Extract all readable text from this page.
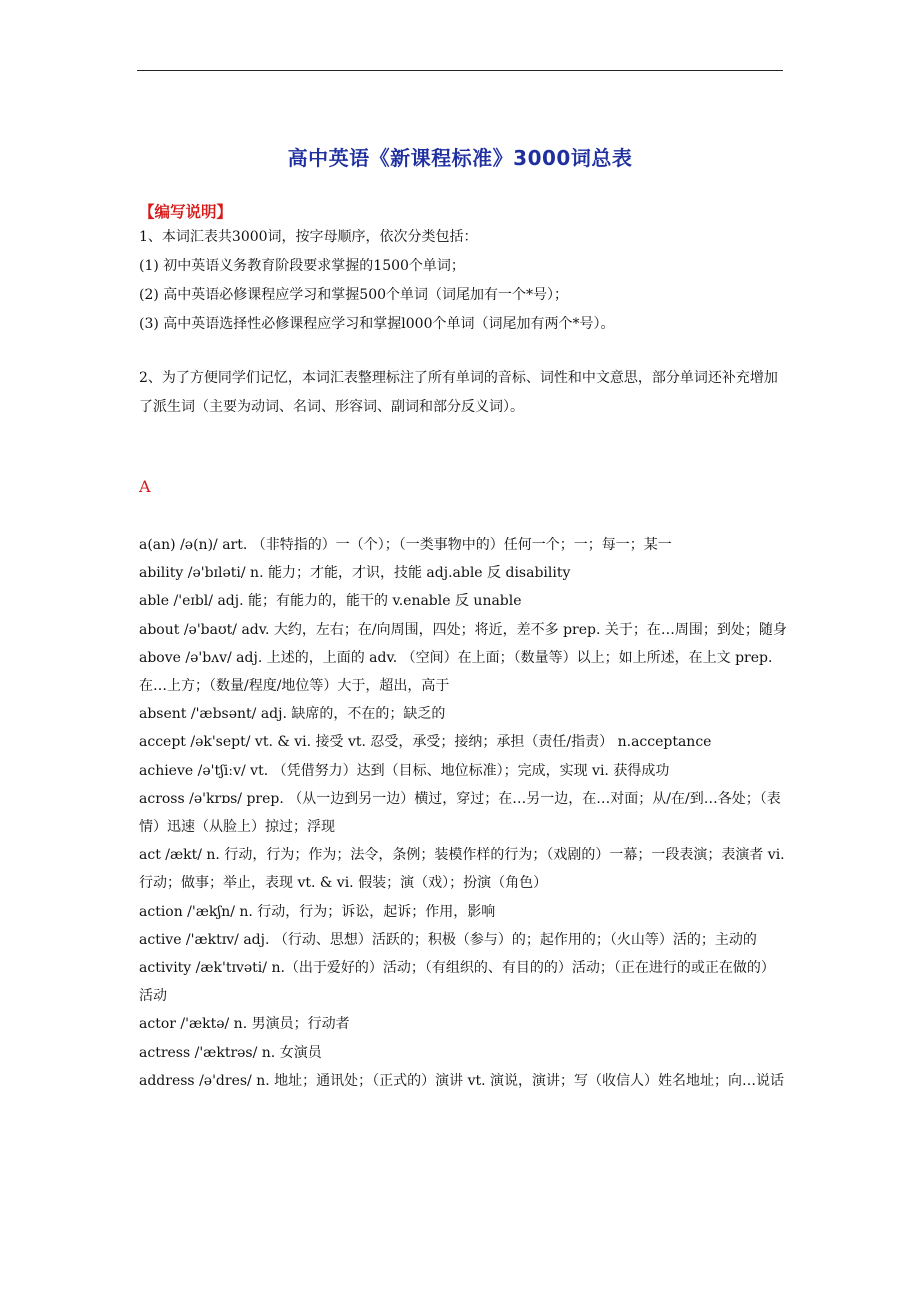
高中英语《新课程标准》3000词总表
【编写说明】
1、本词汇表共3000词，按字母顺序，依次分类包括：
(1) 初中英语义务教育阶段要求掌握的1500个单词；
(2) 高中英语必修课程应学习和掌握500个单词（词尾加有一个*号）；
(3) 高中英语选择性必修课程应学习和掌握l000个单词（词尾加有两个*号）。
2、为了方便同学们记忆，本词汇表整理标注了所有单词的音标、词性和中文意思，部分单词还补充增加了派生词（主要为动词、名词、形容词、副词和部分反义词）。
A
a(an) /ə(n)/ art. （非特指的）一（个）；（一类事物中的）任何一个；一；每一；某一
ability /ə'bɪləti/ n. 能力；才能，才识，技能 adj.able 反 disability
able /'eɪbl/ adj. 能；有能力的，能干的 v.enable 反 unable
about /ə'baʊt/ adv. 大约，左右；在/向周围，四处；将近，差不多 prep. 关于；在…周围；到处；随身
above /ə'bʌv/ adj. 上述的，上面的 adv. （空间）在上面；（数量等）以上；如上所述，在上文 prep. 在…上方；（数量/程度/地位等）大于，超出，高于
absent /'æbsənt/ adj. 缺席的，不在的；缺乏的
accept /ək'sept/ vt. & vi. 接受 vt. 忍受，承受；接纳；承担（责任/指责） n.acceptance
achieve /ə'tʃiːv/ vt. （凭借努力）达到（目标、地位标准）；完成，实现 vi. 获得成功
across /ə'krɒs/ prep. （从一边到另一边）横过，穿过；在…另一边，在…对面；从/在/到…各处；（表情）迅速（从脸上）掠过；浮现
act /ækt/ n. 行动，行为；作为；法令，条例；装模作样的行为；（戏剧的）一幕；一段表演；表演者 vi. 行动；做事；举止，表现 vt. & vi. 假装；演（戏）；扮演（角色）
action /'ækʃn/ n. 行动，行为；诉讼，起诉；作用，影响
active /'æktɪv/ adj. （行动、思想）活跃的；积极（参与）的；起作用的；（火山等）活的；主动的
activity /æk'tɪvəti/ n.（出于爱好的）活动；（有组织的、有目的的）活动；（正在进行的或正在做的）活动
actor /'æktə/ n. 男演员；行动者
actress /'æktrəs/ n. 女演员
address /ə'dres/ n. 地址；通讯处；（正式的）演讲 vt. 演说，演讲；写（收信人）姓名地址；向…说话
